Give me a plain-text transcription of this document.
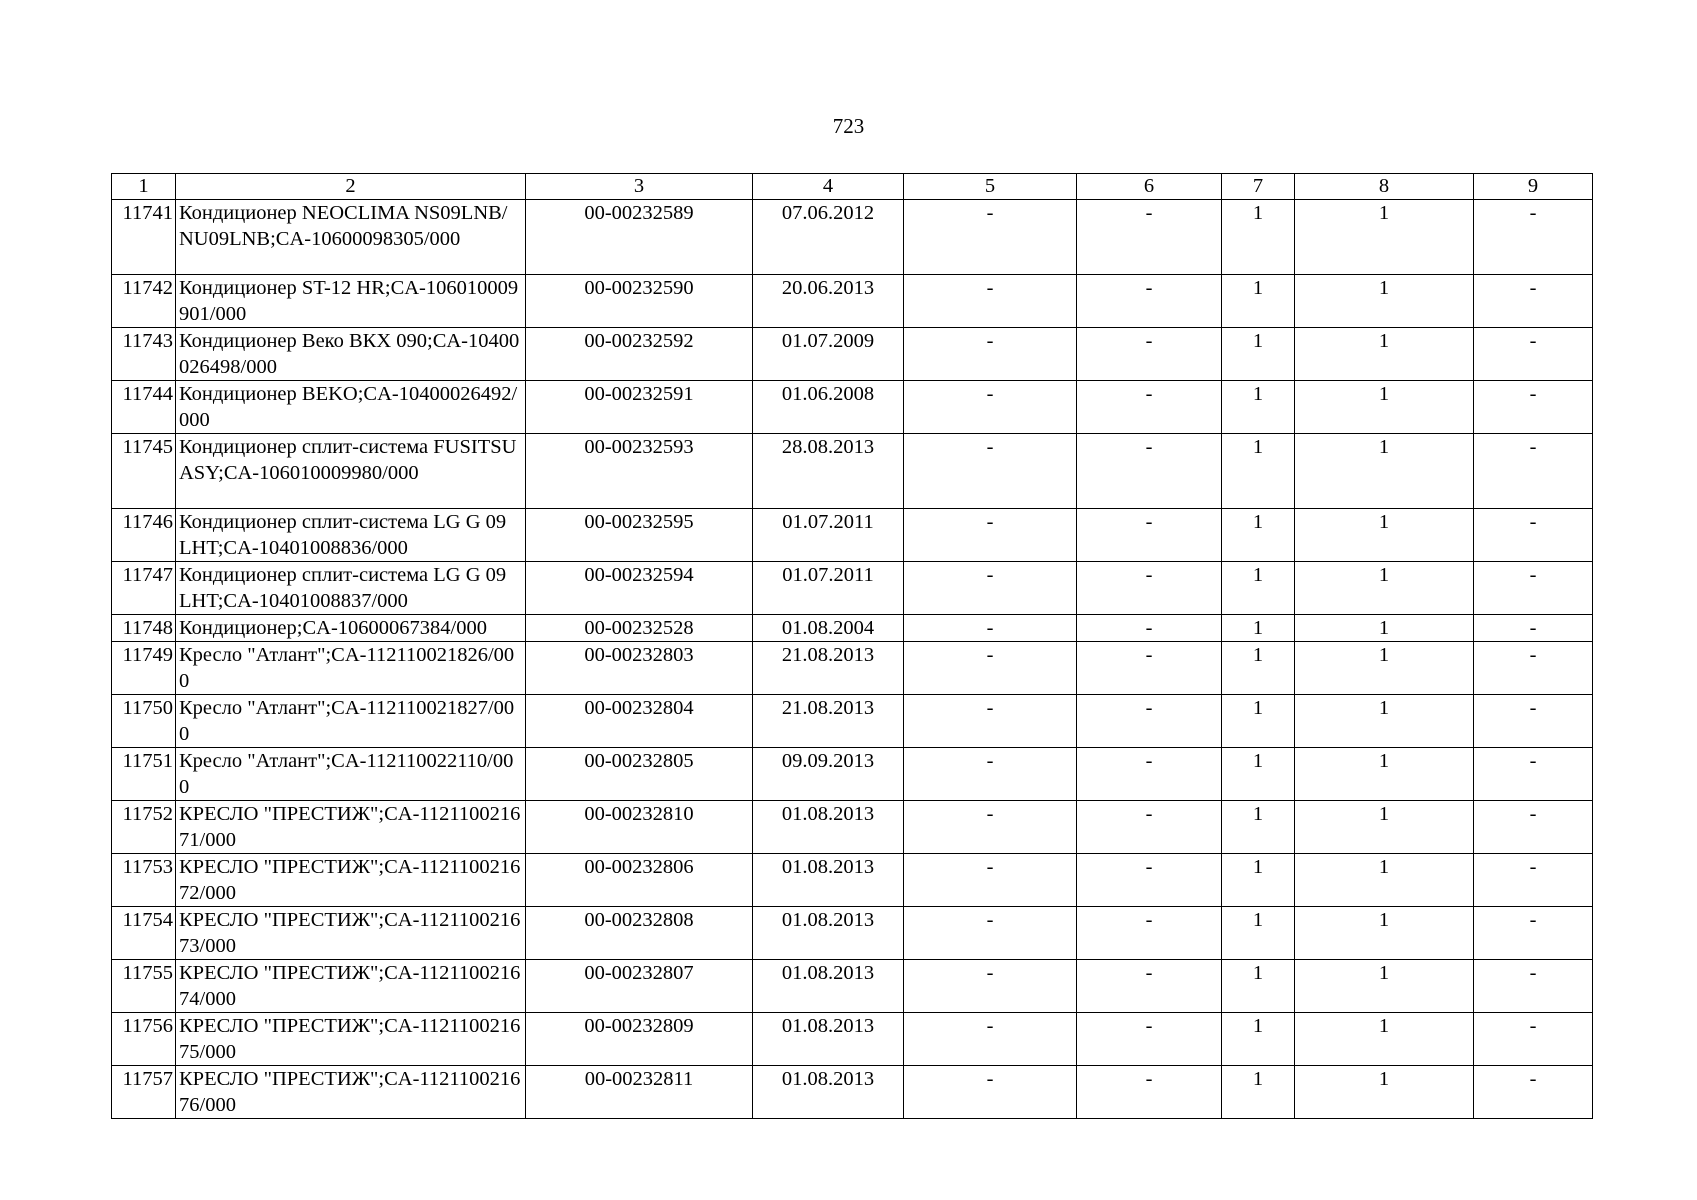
723
1	2	3	4	5	6	7	8	9
11741	Кондиционер NEOCLIMA NS09LNB/NU09LNB;CA-10600098305/000	00-00232589	07.06.2012	-	-	1	1	-
11742	Кондиционер ST-12 HR;CA-106010009901/000	00-00232590	20.06.2013	-	-	1	1	-
11743	Кондиционер Веко ВКХ 090;CA-10400026498/000	00-00232592	01.07.2009	-	-	1	1	-
11744	Кондиционер BEKO;CA-10400026492/000	00-00232591	01.06.2008	-	-	1	1	-
11745	Кондиционер сплит-система FUSITSU ASY;CA-106010009980/000	00-00232593	28.08.2013	-	-	1	1	-
11746	Кондиционер сплит-система LG G 09 LHT;CA-10401008836/000	00-00232595	01.07.2011	-	-	1	1	-
11747	Кондиционер сплит-система LG G 09 LHT;CA-10401008837/000	00-00232594	01.07.2011	-	-	1	1	-
11748	Кондиционер;CA-10600067384/000	00-00232528	01.08.2004	-	-	1	1	-
11749	Кресло "Атлант";CA-112110021826/000	00-00232803	21.08.2013	-	-	1	1	-
11750	Кресло "Атлант";CA-112110021827/000	00-00232804	21.08.2013	-	-	1	1	-
11751	Кресло "Атлант";CA-112110022110/000	00-00232805	09.09.2013	-	-	1	1	-
11752	КРЕСЛО "ПРЕСТИЖ";CA-112110021671/000	00-00232810	01.08.2013	-	-	1	1	-
11753	КРЕСЛО "ПРЕСТИЖ";CA-112110021672/000	00-00232806	01.08.2013	-	-	1	1	-
11754	КРЕСЛО "ПРЕСТИЖ";CA-112110021673/000	00-00232808	01.08.2013	-	-	1	1	-
11755	КРЕСЛО "ПРЕСТИЖ";CA-112110021674/000	00-00232807	01.08.2013	-	-	1	1	-
11756	КРЕСЛО "ПРЕСТИЖ";CA-112110021675/000	00-00232809	01.08.2013	-	-	1	1	-
11757	КРЕСЛО "ПРЕСТИЖ";CA-112110021676/000	00-00232811	01.08.2013	-	-	1	1	-
